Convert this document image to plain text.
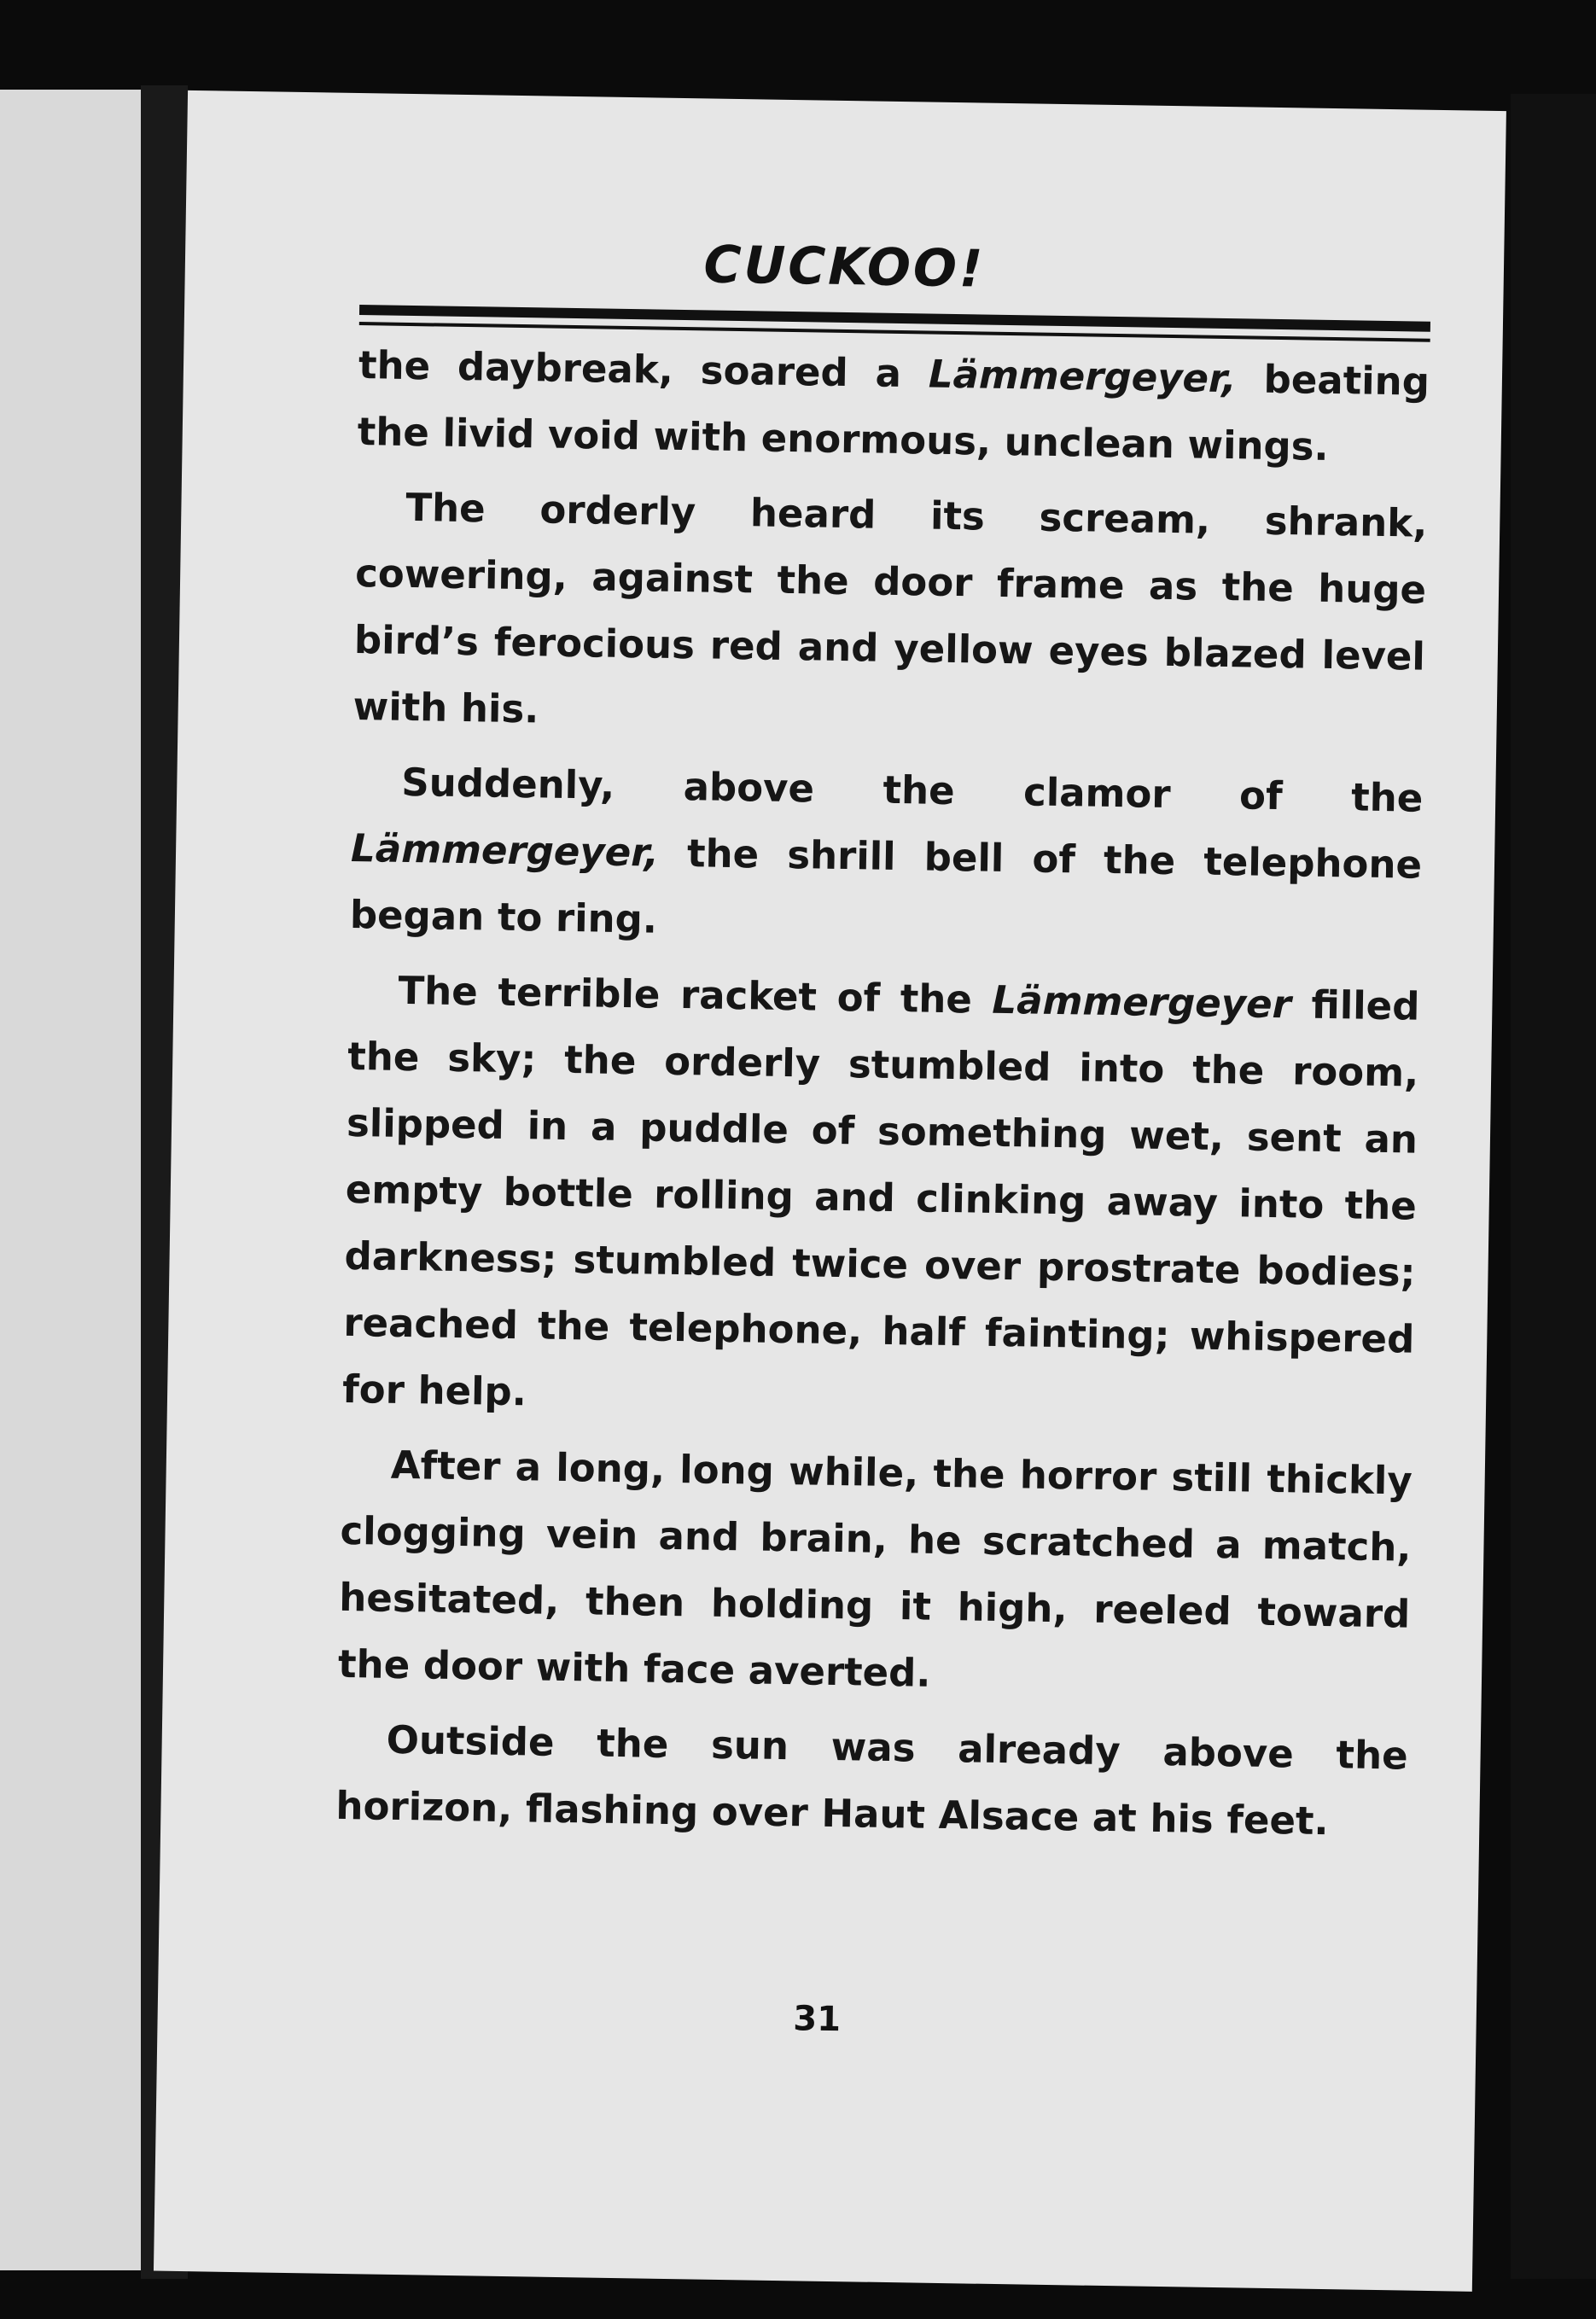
CUCKOO!

the daybreak, soared a Lämmergeyer, beating the livid void with enormous, unclean wings.

The orderly heard its scream, shrank, cowering, against the door frame as the huge bird’s ferocious red and yellow eyes blazed level with his.

Suddenly, above the clamor of the Lämmergeyer, the shrill bell of the telephone began to ring.

The terrible racket of the Lämmergeyer filled the sky; the orderly stumbled into the room, slipped in a puddle of something wet, sent an empty bottle rolling and clinking away into the darkness; stumbled twice over prostrate bodies; reached the telephone, half fainting; whispered for help.

After a long, long while, the horror still thickly clogging vein and brain, he scratched a match, hesitated, then holding it high, reeled toward the door with face averted.

Outside the sun was already above the horizon, flashing over Haut Alsace at his feet.

31
